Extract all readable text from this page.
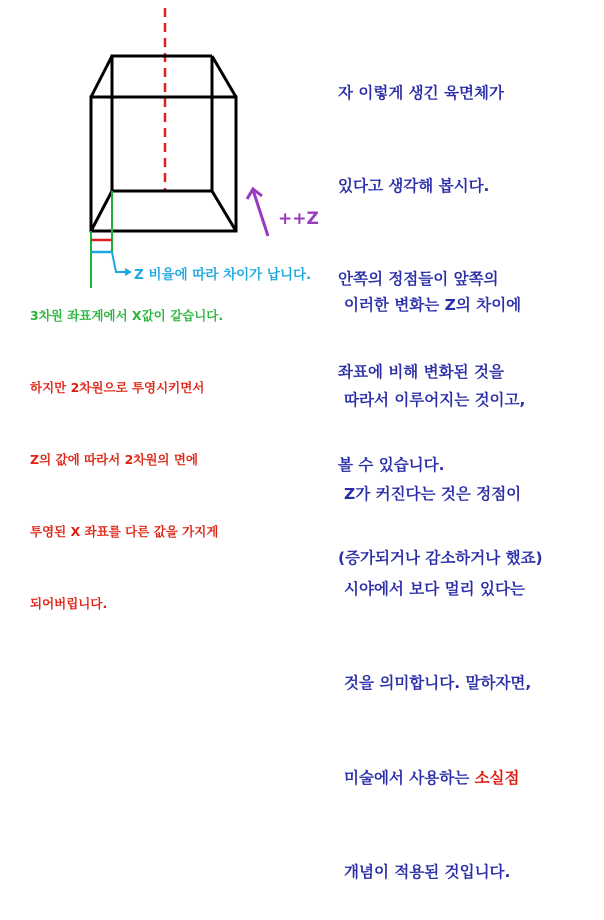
++Z
Z 비율에 따라 차이가 납니다.

자 이렇게 생긴 육면체가

있다고 생각해 봅시다.

안쪽의 정점들이 앞쪽의

좌표에 비해 변화된 것을

볼 수 있습니다.

(증가되거나 감소하거나 했죠)

이러한 변화는 Z의 차이에

따라서 이루어지는 것이고,

Z가 커진다는 것은 정점이

시야에서 보다 멀리 있다는

것을 의미합니다. 말하자면,

미술에서 사용하는 소실점

개념이 적용된 것입니다.

3차원 좌표계에서 X값이 같습니다.

하지만 2차원으로 투영시키면서

Z의 값에 따라서 2차원의 면에

투영된 X 좌표를 다른 값을 가지게

되어버립니다.
